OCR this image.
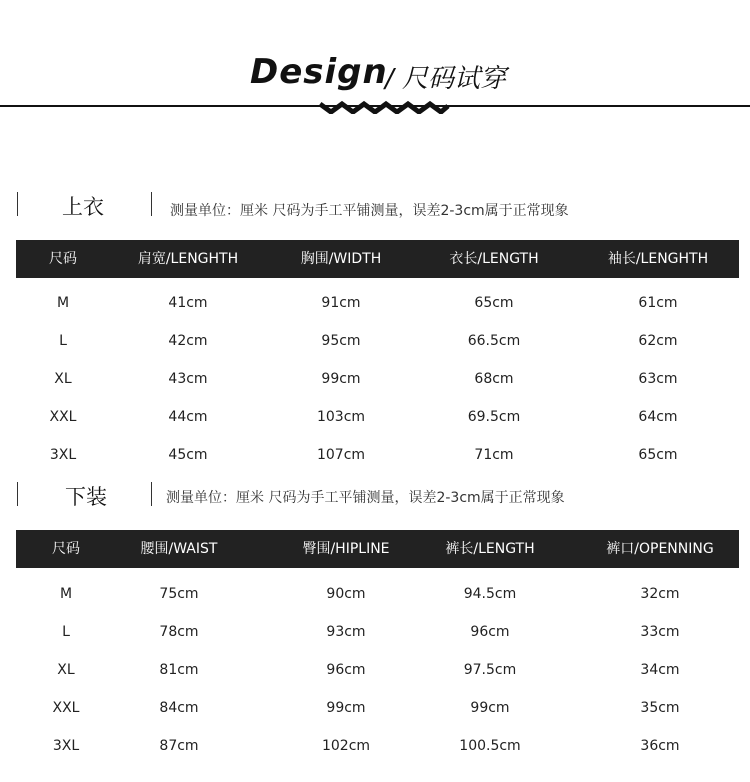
Design
/ 尺码试穿
上衣	测量单位：厘米 尺码为手工平铺测量，误差2-3cm属于正常现象
尺码	肩宽/LENGHTH	胸围/WIDTH	衣长/LENGTH	袖长/LENGHTH
M	41cm	91cm	65cm	61cm
L	42cm	95cm	66.5cm	62cm
XL	43cm	99cm	68cm	63cm
XXL	44cm	103cm	69.5cm	64cm
3XL	45cm	107cm	71cm	65cm
下装	测量单位：厘米 尺码为手工平铺测量，误差2-3cm属于正常现象
尺码	腰围/WAIST	臀围/HIPLINE	裤长/LENGTH	裤口/OPENNING
M	75cm	90cm	94.5cm	32cm
L	78cm	93cm	96cm	33cm
XL	81cm	96cm	97.5cm	34cm
XXL	84cm	99cm	99cm	35cm
3XL	87cm	102cm	100.5cm	36cm
